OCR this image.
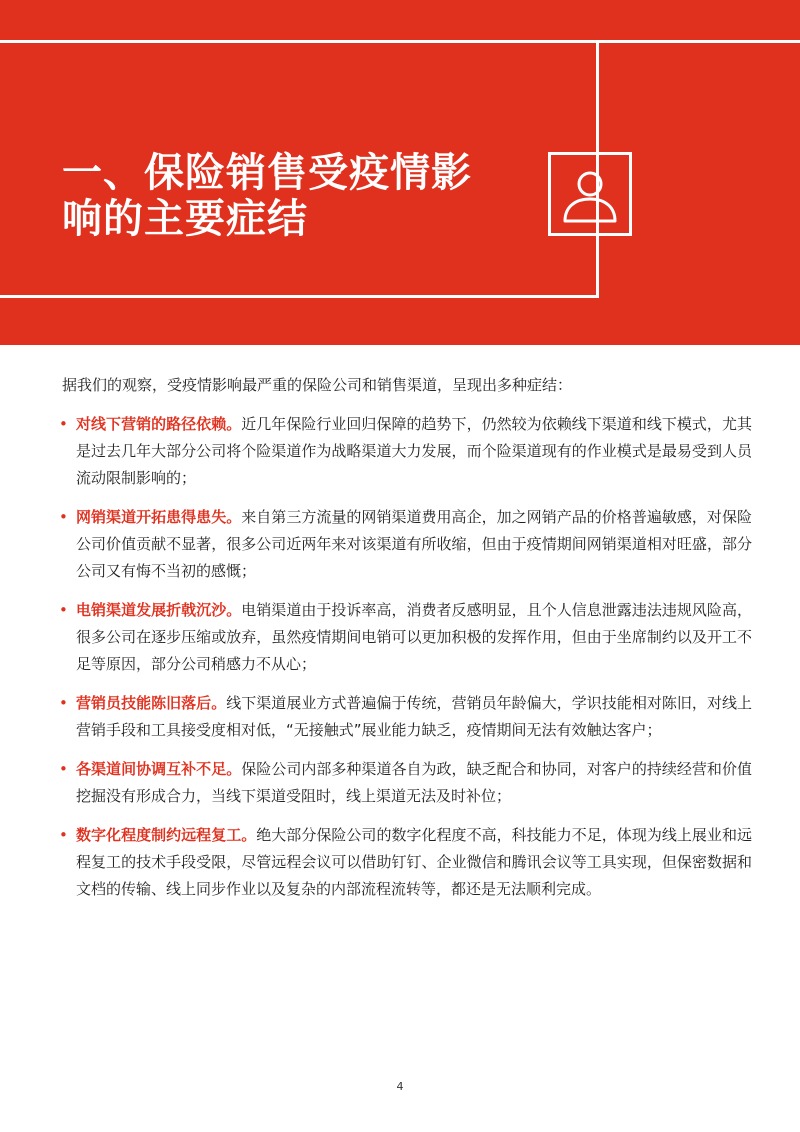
一、保险销售受疫情影
响的主要症结

据我们的观察，受疫情影响最严重的保险公司和销售渠道，呈现出多种症结：

• 对线下营销的路径依赖。近几年保险行业回归保障的趋势下，仍然较为依赖线下渠道和线下模式，尤其是过去几年大部分公司将个险渠道作为战略渠道大力发展，而个险渠道现有的作业模式是最易受到人员流动限制影响的；
• 网销渠道开拓患得患失。来自第三方流量的网销渠道费用高企，加之网销产品的价格普遍敏感，对保险公司价值贡献不显著，很多公司近两年来对该渠道有所收缩，但由于疫情期间网销渠道相对旺盛，部分公司又有悔不当初的感慨；
• 电销渠道发展折戟沉沙。电销渠道由于投诉率高，消费者反感明显，且个人信息泄露违法违规风险高，很多公司在逐步压缩或放弃，虽然疫情期间电销可以更加积极的发挥作用，但由于坐席制约以及开工不足等原因，部分公司稍感力不从心；
• 营销员技能陈旧落后。线下渠道展业方式普遍偏于传统，营销员年龄偏大，学识技能相对陈旧，对线上营销手段和工具接受度相对低，“无接触式”展业能力缺乏，疫情期间无法有效触达客户；
• 各渠道间协调互补不足。保险公司内部多种渠道各自为政，缺乏配合和协同，对客户的持续经营和价值挖掘没有形成合力，当线下渠道受阻时，线上渠道无法及时补位；
• 数字化程度制约远程复工。绝大部分保险公司的数字化程度不高，科技能力不足，体现为线上展业和远程复工的技术手段受限，尽管远程会议可以借助钉钉、企业微信和腾讯会议等工具实现，但保密数据和文档的传输、线上同步作业以及复杂的内部流程流转等，都还是无法顺利完成。
4
